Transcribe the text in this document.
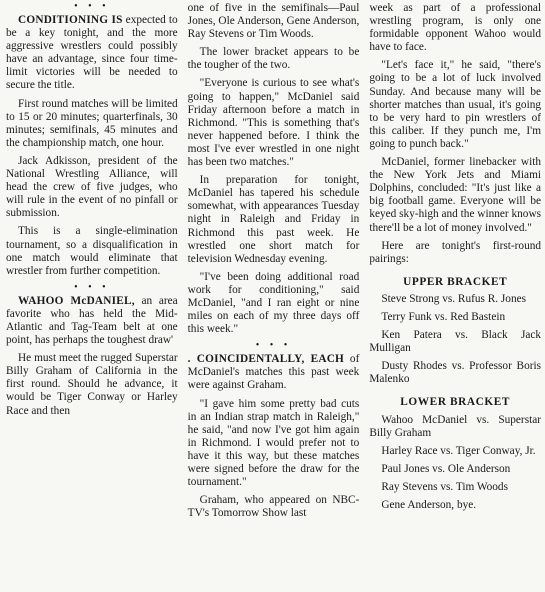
• • •

CONDITIONING IS expected to be a key tonight, and the more aggressive wrestlers could possibly have an advantage, since four time-limit victories will be needed to secure the title.

First round matches will be limited to 15 or 20 minutes; quarterfinals, 30 minutes; semifinals, 45 minutes and the championship match, one hour.

Jack Adkisson, president of the National Wrestling Alliance, will head the crew of five judges, who will rule in the event of no pinfall or submission.

This is a single-elimination tournament, so a disqualification in one match would eliminate that wrestler from further competition.

• • •

WAHOO McDANIEL, an area favorite who has held the Mid-Atlantic and Tag-Team belt at one point, has perhaps the toughest draw'

He must meet the rugged Superstar Billy Graham of California in the first round. Should he advance, it would be Tiger Conway or Harley Race and then

one of five in the semifinals—Paul Jones, Ole Anderson, Gene Anderson, Ray Stevens or Tim Woods.

The lower bracket appears to be the tougher of the two.

"Everyone is curious to see what's going to happen," McDaniel said Friday afternoon before a match in Richmond. "This is something that's never happened before. I think the most I've ever wrestled in one night has been two matches."

In preparation for tonight, McDaniel has tapered his schedule somewhat, with appearances Tuesday night in Raleigh and Friday in Richmond this past week. He wrestled one short match for television Wednesday evening.

"I've been doing additional road work for conditioning," said McDaniel, "and I ran eight or nine miles on each of my three days off this week."

• • •

. COINCIDENTALLY, EACH of McDaniel's matches this past week were against Graham.

"I gave him some pretty bad cuts in an Indian strap match in Raleigh," he said, "and now I've got him again in Richmond. I would prefer not to have it this way, but these matches were signed before the draw for the tournament."

Graham, who appeared on NBC-TV's Tomorrow Show last

week as part of a professional wrestling program, is only one formidable opponent Wahoo would have to face.

"Let's face it," he said, "there's going to be a lot of luck involved Sunday. And because many will be shorter matches than usual, it's going to be very hard to pin wrestlers of this caliber. If they punch me, I'm going to punch back."

McDaniel, former linebacker with the New York Jets and Miami Dolphins, concluded: "It's just like a big football game. Everyone will be keyed sky-high and the winner knows there'll be a lot of money involved."

Here are tonight's first-round pairings:

UPPER BRACKET

Steve Strong vs. Rufus R. Jones

Terry Funk vs. Red Bastein

Ken Patera vs. Black Jack Mulligan

Dusty Rhodes vs. Professor Boris Malenko

LOWER BRACKET

Wahoo McDaniel vs. Superstar Billy Graham

Harley Race vs. Tiger Conway, Jr.

Paul Jones vs. Ole Anderson

Ray Stevens vs. Tim Woods

Gene Anderson, bye.
